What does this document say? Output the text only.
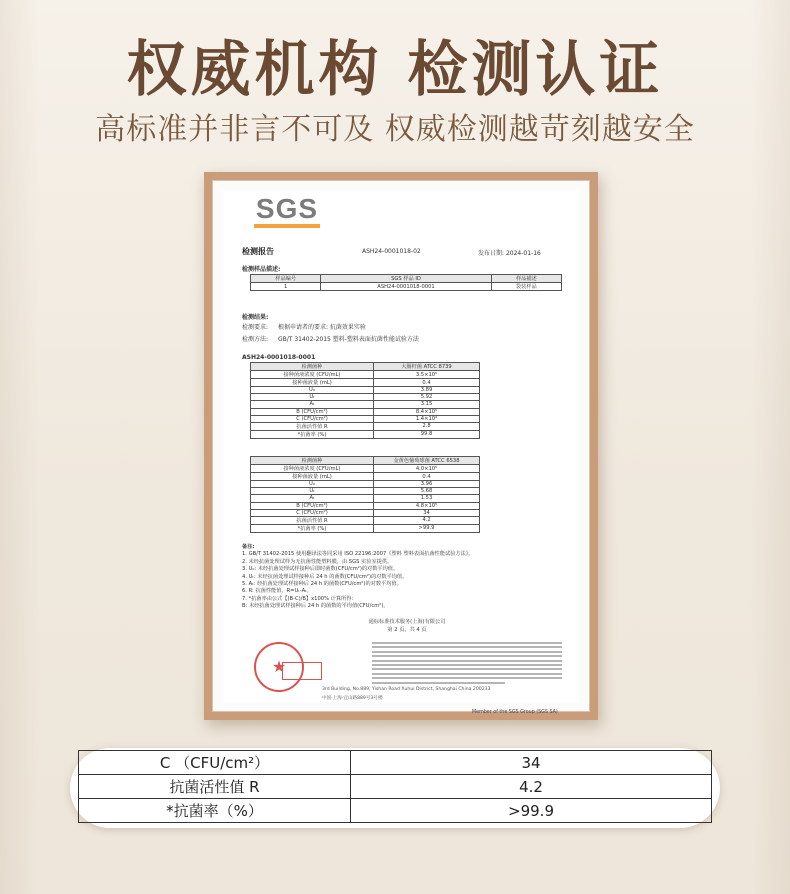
权威机构 检测认证
高标准并非言不可及 权威检测越苛刻越安全
SGS
检测报告	ASH24-0001018-02	发布日期: 2024-01-16
检测样品描述:
样品编号	SGS 样品 ID	样品描述
1	ASH24-0001018-0001	袋装样品
检测结果:
检测要求: 根据申请者的要求: 抗菌效果实验
检测方法: GB/T 31402-2015 塑料-塑料表面抗菌性能试验方法
ASH24-0001018-0001
检测菌种	大肠杆菌 ATCC 8739
接种菌液浓度 (CFU/mL)	3.5×10⁵
接种菌液量 (mL)	0.4
U₀	3.89
Uₜ	5.92
Aₜ	3.15
B (CFU/cm²)	8.4×10⁵
C (CFU/cm²)	1.4×10³
抗菌活性值 R	2.8
*抗菌率 (%)	99.8
检测菌种	金黄色葡萄球菌 ATCC 6538
接种菌液浓度 (CFU/mL)	4.0×10⁵
接种菌液量 (mL)	0.4
U₀	3.96
Uₜ	5.68
Aₜ	1.53
B (CFU/cm²)	4.8×10⁵
C (CFU/cm²)	34
抗菌活性值 R	4.2
*抗菌率 (%)	>99.9
备注:
1. GB/T 31402-2015 使用翻译法等同采用 ISO 22196:2007《塑料 塑料表面抗菌性能试验方法》。
2. 未经抗菌处理试样为无抗菌性能塑料膜，由 SGS 实验室提供。
3. U₀: 未经抗菌处理试样接种后即时菌数(CFU/cm²)的对数平均值。
4. Uₜ: 未经抗菌处理试样接种后 24 h 的菌数(CFU/cm²)的对数平均值。
5. Aₜ: 经抗菌处理试样接种后 24 h 的菌数(CFU/cm²)的对数平均值。
6. R: 抗菌性能值，R=Uₜ-Aₜ。
7. *抗菌率由公式【(B-C)/B】x100% 计算所得:
B: 未经抗菌处理试样接种后 24 h 的菌数的平均值(CFU/cm²)。
通标标准技术服务(上海)有限公司
第 2 页，共 4 页
★
3rd Building, No.889, Yishan Road Xuhui District, Shanghai China 200233
中国·上海·宜山路889号3号楼
Member of the SGS Group (SGS SA)
C （CFU/cm²）	34
抗菌活性值 R	4.2
*抗菌率（%）	>99.9
